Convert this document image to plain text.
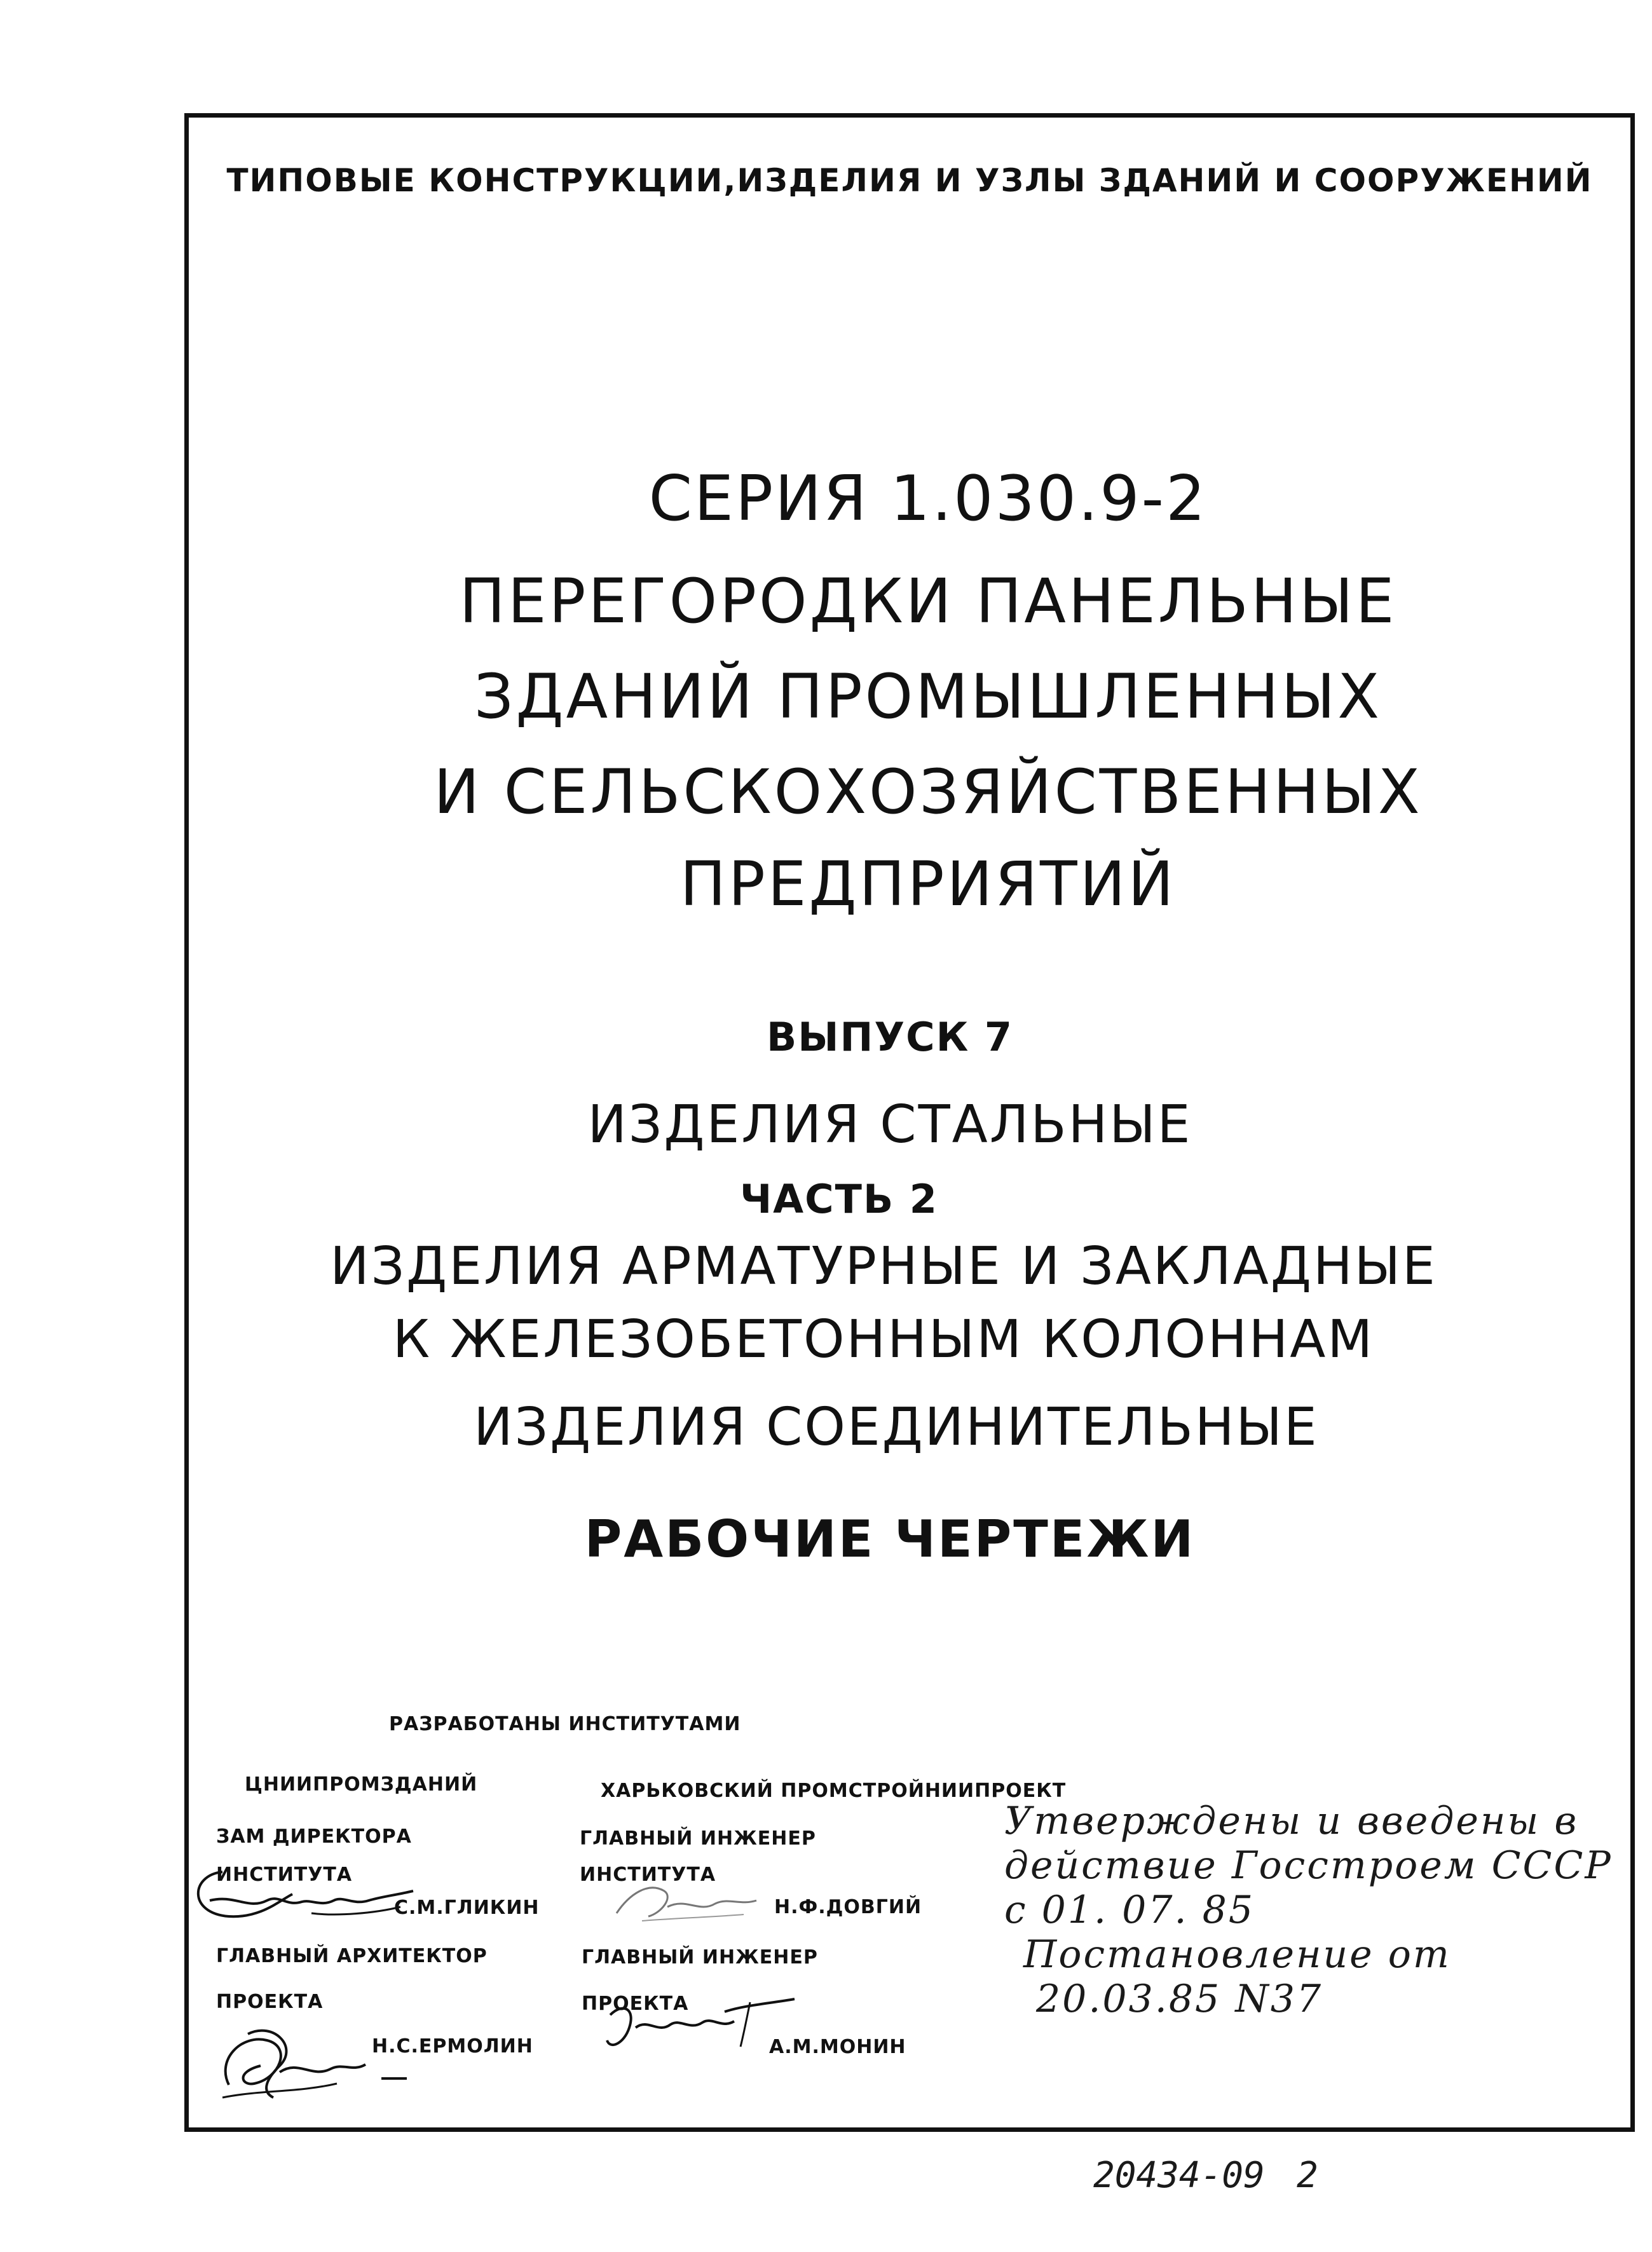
ТИПОВЫЕ КОНСТРУКЦИИ,ИЗДЕЛИЯ И УЗЛЫ ЗДАНИЙ И СООРУЖЕНИЙ
СЕРИЯ 1.030.9-2
ПЕРЕГОРОДКИ ПАНЕЛЬНЫЕ
ЗДАНИЙ ПРОМЫШЛЕННЫХ
И СЕЛЬСКОХОЗЯЙСТВЕННЫХ
ПРЕДПРИЯТИЙ
ВЫПУСК 7
ИЗДЕЛИЯ СТАЛЬНЫЕ
ЧАСТЬ 2
ИЗДЕЛИЯ АРМАТУРНЫЕ И ЗАКЛАДНЫЕ
К ЖЕЛЕЗОБЕТОННЫМ КОЛОННАМ
ИЗДЕЛИЯ СОЕДИНИТЕЛЬНЫЕ
РАБОЧИЕ ЧЕРТЕЖИ
РАЗРАБОТАНЫ ИНСТИТУТАМИ
ЦНИИПРОМЗДАНИЙ
ЗАМ ДИРЕКТОРА
ИНСТИТУТА
С.М.ГЛИКИН
ГЛАВНЫЙ АРХИТЕКТОР
ПРОЕКТА
Н.С.ЕРМОЛИН
ХАРЬКОВСКИЙ ПРОМСТРОЙНИИПРОЕКТ
ГЛАВНЫЙ ИНЖЕНЕР
ИНСТИТУТА
Н.Ф.ДОВГИЙ
ГЛАВНЫЙ ИНЖЕНЕР
ПРОЕКТА
А.М.МОНИН
Утверждены и введены в
действие Госстроем СССР
с 01. 07. 85
Постановление от
20.03.85 N37
20434-09 2
